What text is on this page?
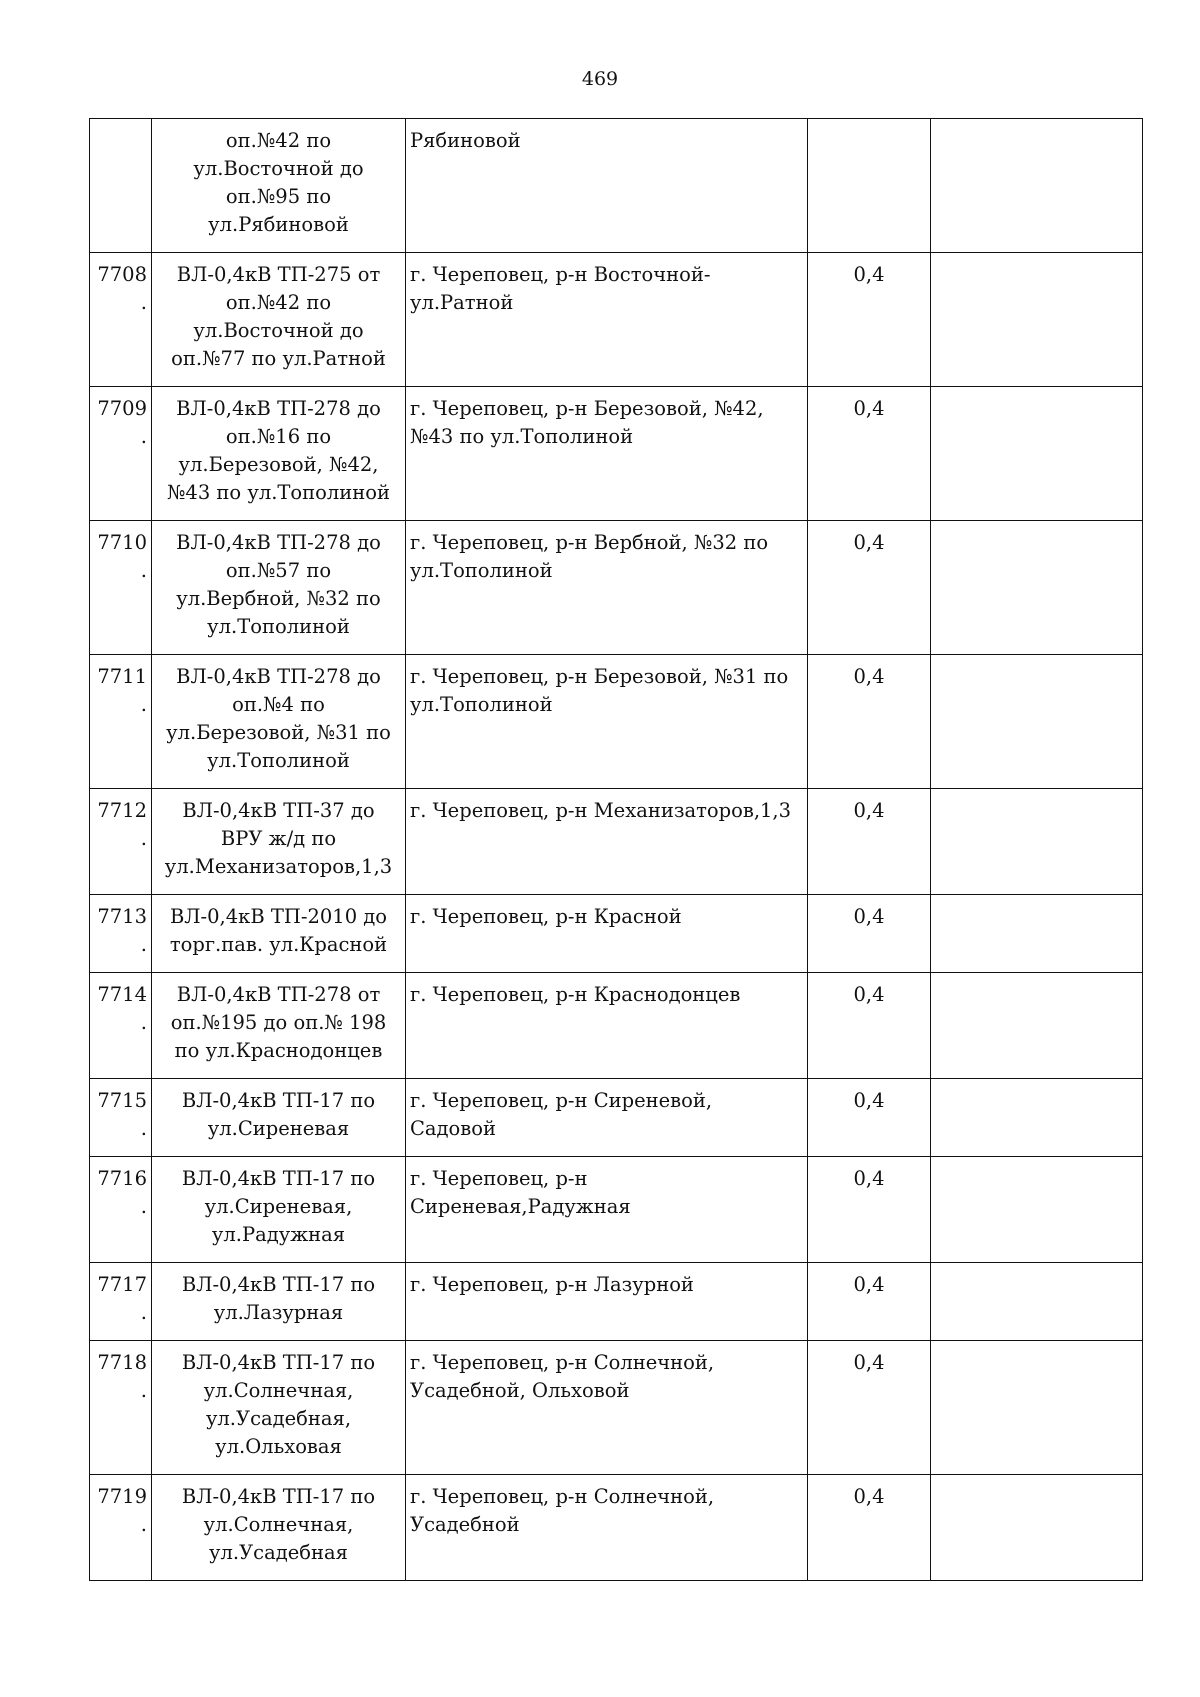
469
	оп.№42 по
ул.Восточной до
оп.№95 по
ул.Рябиновой	Рябиновой		
7708.	ВЛ-0,4кВ ТП-275 от
оп.№42 по
ул.Восточной до
оп.№77 по ул.Ратной	г. Череповец, р-н Восточной-
ул.Ратной	0,4	
7709.	ВЛ-0,4кВ ТП-278 до
оп.№16 по
ул.Березовой, №42,
№43 по ул.Тополиной	г. Череповец, р-н Березовой, №42,
№43 по ул.Тополиной	0,4	
7710.	ВЛ-0,4кВ ТП-278 до
оп.№57 по
ул.Вербной, №32 по
ул.Тополиной	г. Череповец, р-н Вербной, №32 по
ул.Тополиной	0,4	
7711.	ВЛ-0,4кВ ТП-278 до
оп.№4 по
ул.Березовой, №31 по
ул.Тополиной	г. Череповец, р-н Березовой, №31 по
ул.Тополиной	0,4	
7712.	ВЛ-0,4кВ ТП-37 до
ВРУ ж/д по
ул.Механизаторов,1,3	г. Череповец, р-н Механизаторов,1,3	0,4	
7713.	ВЛ-0,4кВ ТП-2010 до
торг.пав. ул.Красной	г. Череповец, р-н Красной	0,4	
7714.	ВЛ-0,4кВ ТП-278 от
оп.№195 до оп.№ 198
по ул.Краснодонцев	г. Череповец, р-н Краснодонцев	0,4	
7715.	ВЛ-0,4кВ ТП-17 по
ул.Сиреневая	г. Череповец, р-н Сиреневой,
Садовой	0,4	
7716.	ВЛ-0,4кВ ТП-17 по
ул.Сиреневая,
ул.Радужная	г. Череповец, р-н
Сиреневая,Радужная	0,4	
7717.	ВЛ-0,4кВ ТП-17 по
ул.Лазурная	г. Череповец, р-н Лазурной	0,4	
7718.	ВЛ-0,4кВ ТП-17 по
ул.Солнечная,
ул.Усадебная,
ул.Ольховая	г. Череповец, р-н Солнечной,
Усадебной, Ольховой	0,4	
7719.	ВЛ-0,4кВ ТП-17 по
ул.Солнечная,
ул.Усадебная	г. Череповец, р-н Солнечной,
Усадебной	0,4	
